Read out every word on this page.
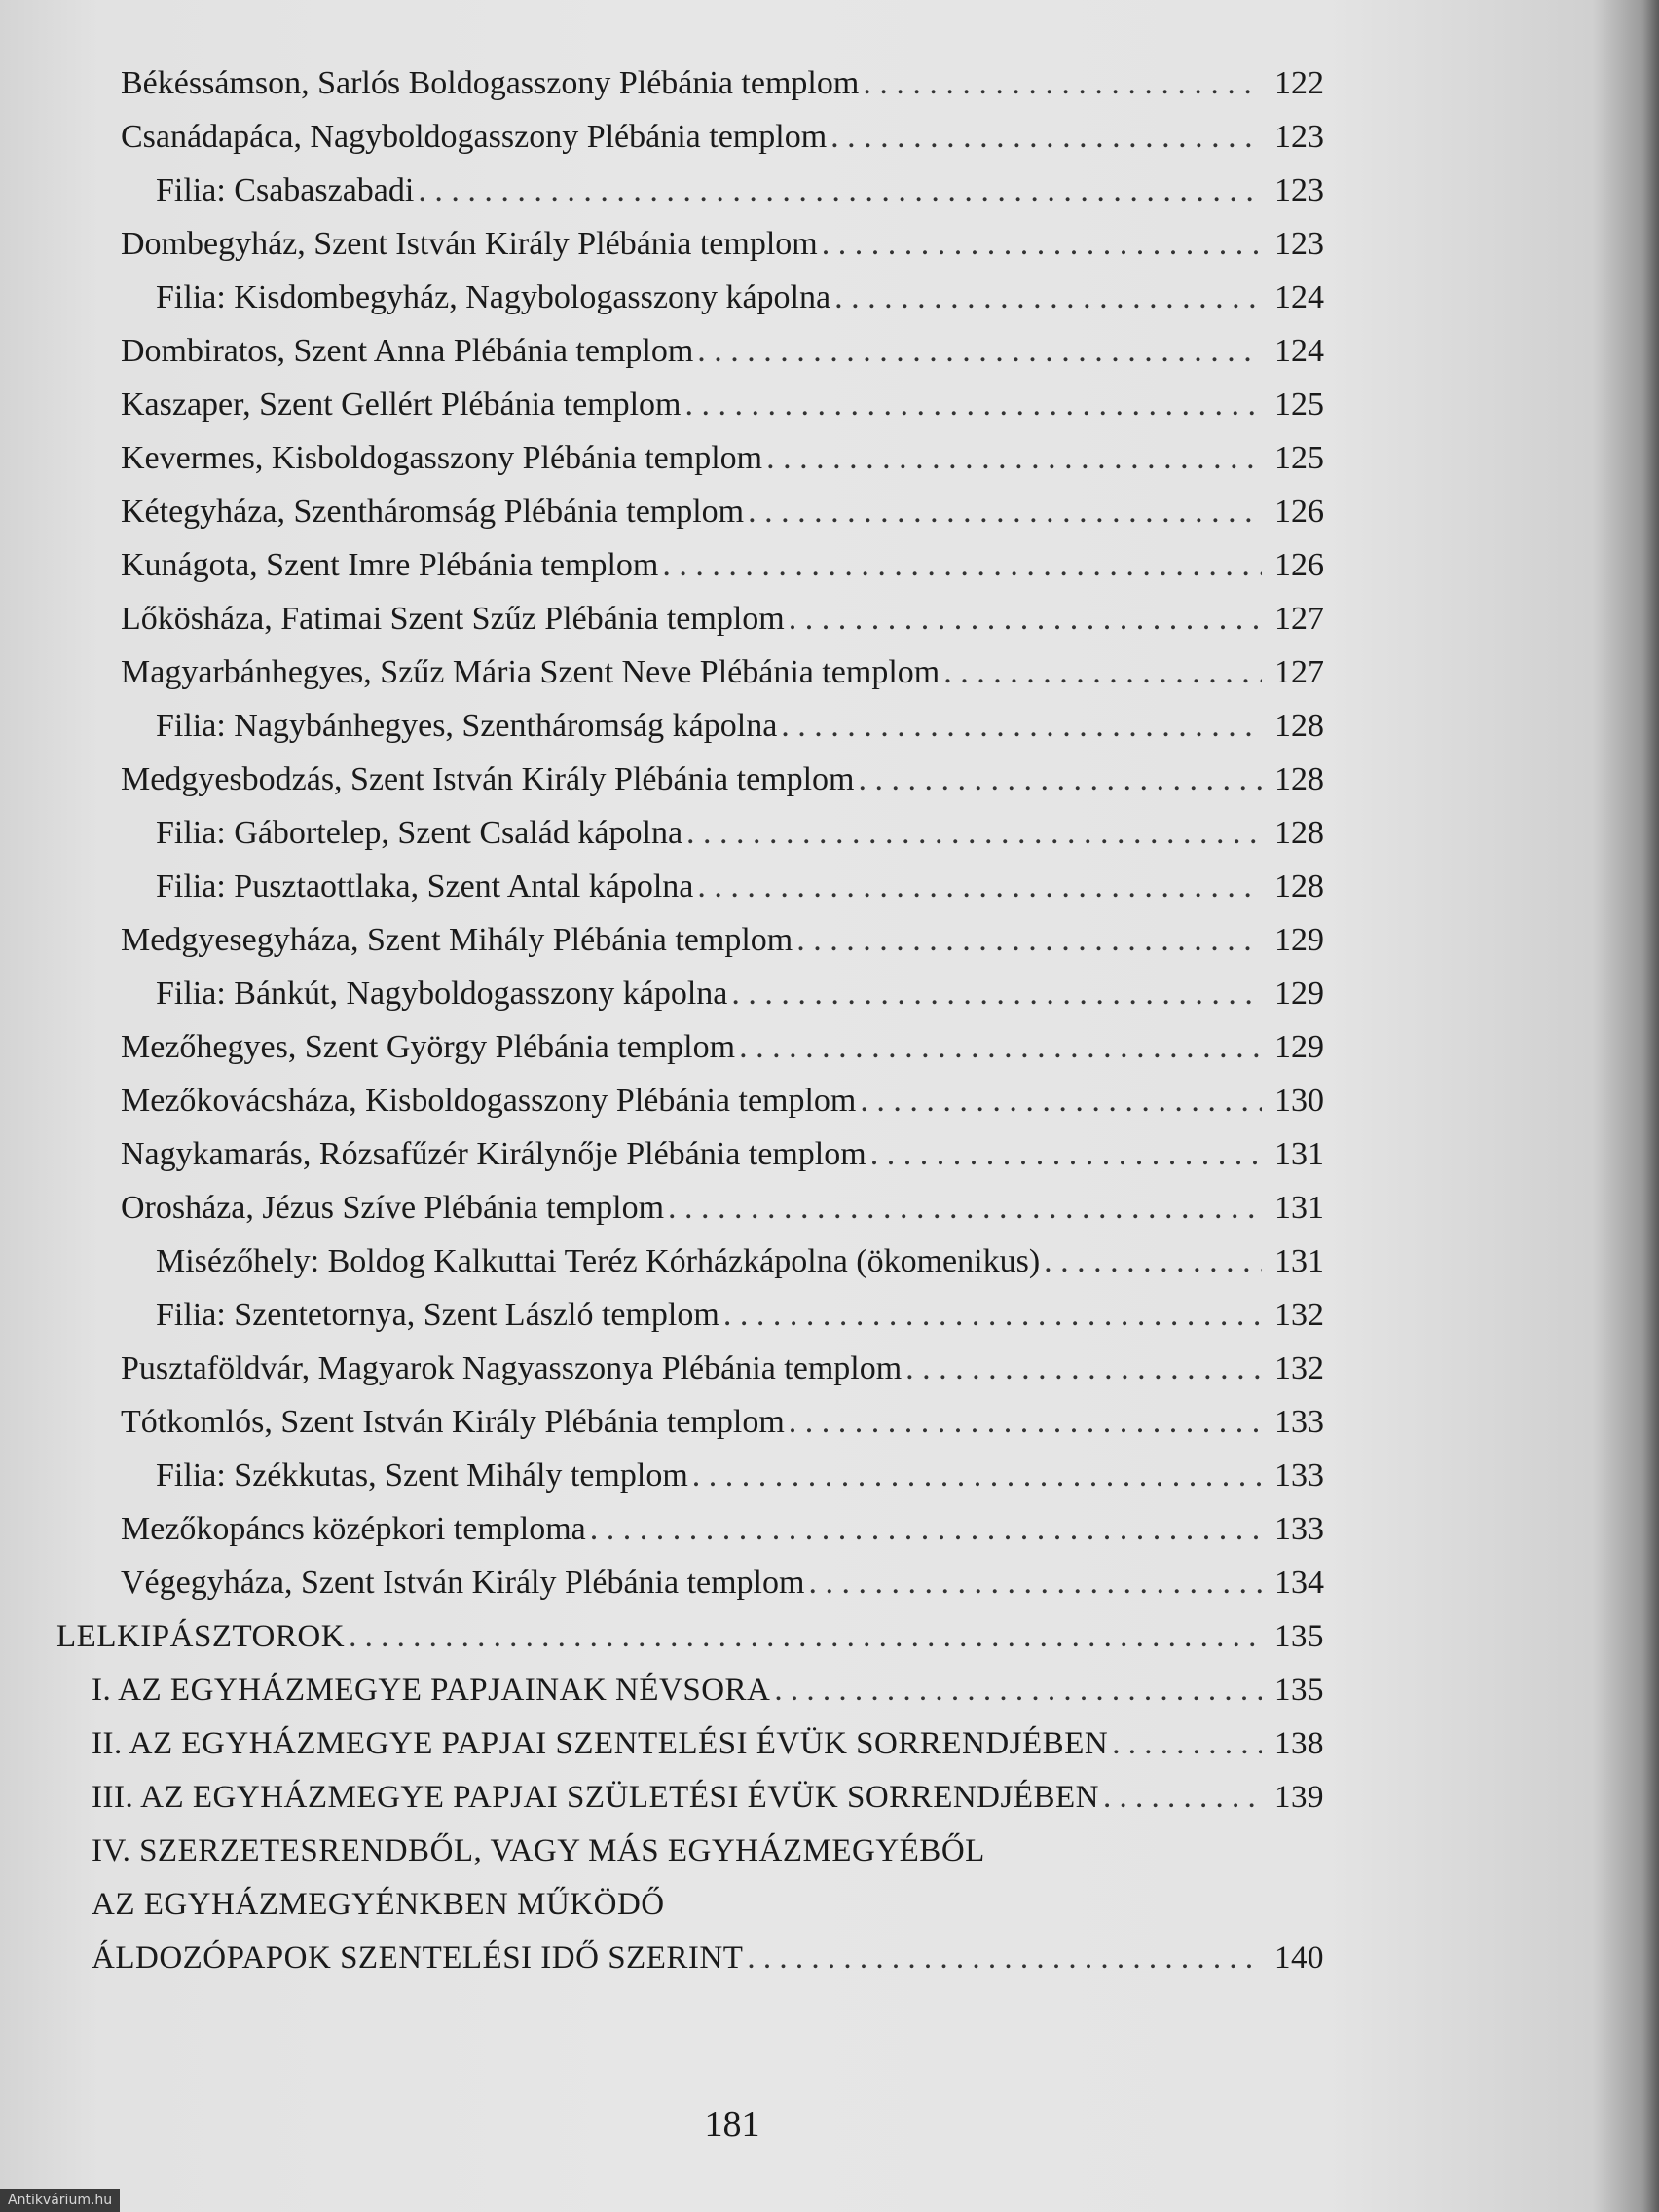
Békéssámson, Sarlós Boldogasszony Plébánia templom . . .	122
Csanádapáca, Nagyboldogasszony Plébánia templom . . .	123
Filia: Csabaszabadi . . .	123
Dombegyház, Szent István Király Plébánia templom . . .	123
Filia: Kisdombegyház, Nagybologasszony kápolna . . .	124
Dombiratos, Szent Anna Plébánia templom . . .	124
Kaszaper, Szent Gellért Plébánia templom . . .	125
Kevermes, Kisboldogasszony Plébánia templom . . .	125
Kétegyháza, Szentháromság Plébánia templom . . .	126
Kunágota, Szent Imre Plébánia templom . . .	126
Lőkösháza, Fatimai Szent Szűz Plébánia templom . . .	127
Magyarbánhegyes, Szűz Mária Szent Neve Plébánia templom . . .	127
Filia: Nagybánhegyes, Szentháromság kápolna . . .	128
Medgyesbodzás, Szent István Király Plébánia templom . . .	128
Filia: Gábortelep, Szent Család kápolna . . .	128
Filia: Pusztaottlaka, Szent Antal kápolna . . .	128
Medgyesegyháza, Szent Mihály Plébánia templom . . .	129
Filia: Bánkút, Nagyboldogasszony kápolna . . .	129
Mezőhegyes, Szent György Plébánia templom . . .	129
Mezőkovácsháza, Kisboldogasszony Plébánia templom . . .	130
Nagykamarás, Rózsafűzér Királynője Plébánia templom . . .	131
Orosháza, Jézus Szíve Plébánia templom . . .	131
Misézőhely: Boldog Kalkuttai Teréz Kórházkápolna (ökomenikus) . . .	131
Filia: Szentetornya, Szent László templom . . .	132
Pusztaföldvár, Magyarok Nagyasszonya Plébánia templom . . .	132
Tótkomlós, Szent István Király Plébánia templom . . .	133
Filia: Székkutas, Szent Mihály templom . . .	133
Mezőkopáncs középkori temploma . . .	133
Végegyháza, Szent István Király Plébánia templom . . .	134
LELKIPÁSZTOROK . . .	135
I. AZ EGYHÁZMEGYE PAPJAINAK NÉVSORA . . .	135
II. AZ EGYHÁZMEGYE PAPJAI SZENTELÉSI ÉVÜK SORRENDJÉBEN . . .	138
III. AZ EGYHÁZMEGYE PAPJAI SZÜLETÉSI ÉVÜK SORRENDJÉBEN . . .	139
IV. SZERZETESRENDBŐL, VAGY MÁS EGYHÁZMEGYÉBŐL
AZ EGYHÁZMEGYÉNKBEN MŰKÖDŐ
ÁLDOZÓPAPOK SZENTELÉSI IDŐ SZERINT . . .	140
181
Antikvárium.hu
